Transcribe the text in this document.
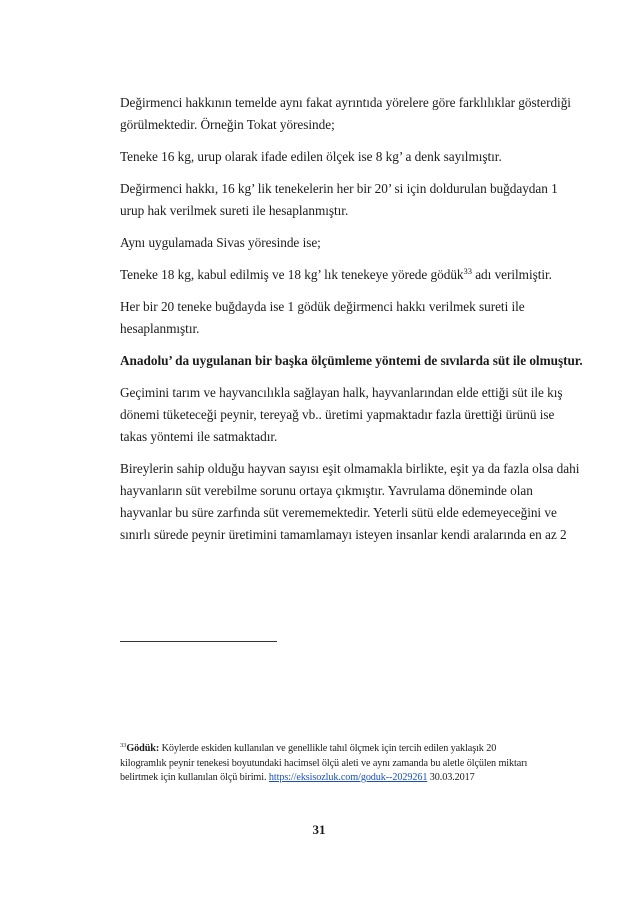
Değirmenci hakkının temelde aynı fakat ayrıntıda yörelere göre farklılıklar gösterdiği
görülmektedir. Örneğin Tokat yöresinde;

Teneke 16 kg, urup olarak ifade edilen ölçek ise 8 kg’ a denk sayılmıştır.

Değirmenci hakkı, 16 kg’ lik tenekelerin her bir 20’ si için doldurulan buğdaydan 1
urup hak verilmek sureti ile hesaplanmıştır.

Aynı uygulamada Sivas yöresinde ise;

Teneke 18 kg, kabul edilmiş ve 18 kg’ lık tenekeye yörede gödük$^{33}$ adı verilmiştir.

Her bir 20 teneke buğdayda ise 1 gödük değirmenci hakkı verilmek sureti ile
hesaplanmıştır.

Anadolu’ da uygulanan bir başka ölçümleme yöntemi de sıvılarda süt ile olmuştur.

Geçimini tarım ve hayvancılıkla sağlayan halk, hayvanlarından elde ettiği süt ile kış
dönemi tüketeceği peynir, tereyağ vb.. üretimi yapmaktadır fazla ürettiği ürünü ise
takas yöntemi ile satmaktadır.

Bireylerin sahip olduğu hayvan sayısı eşit olmamakla birlikte, eşit ya da fazla olsa dahi
hayvanların süt verebilme sorunu ortaya çıkmıştır. Yavrulama döneminde olan
hayvanlar bu süre zarfında süt verememektedir. Yeterli sütü elde edemeyeceğini ve
sınırlı sürede peynir üretimini tamamlamayı isteyen insanlar kendi aralarında en az 2

$^{33}$Gödük: Köylerde eskiden kullanılan ve genellikle tahıl ölçmek için tercih edilen yaklaşık 20
kilogramlık peynir tenekesi boyutundaki hacimsel ölçü aleti ve aynı zamanda bu aletle ölçülen miktarı
belirtmek için kullanılan ölçü birimi. https://eksisozluk.com/goduk--2029261 30.03.2017
31
